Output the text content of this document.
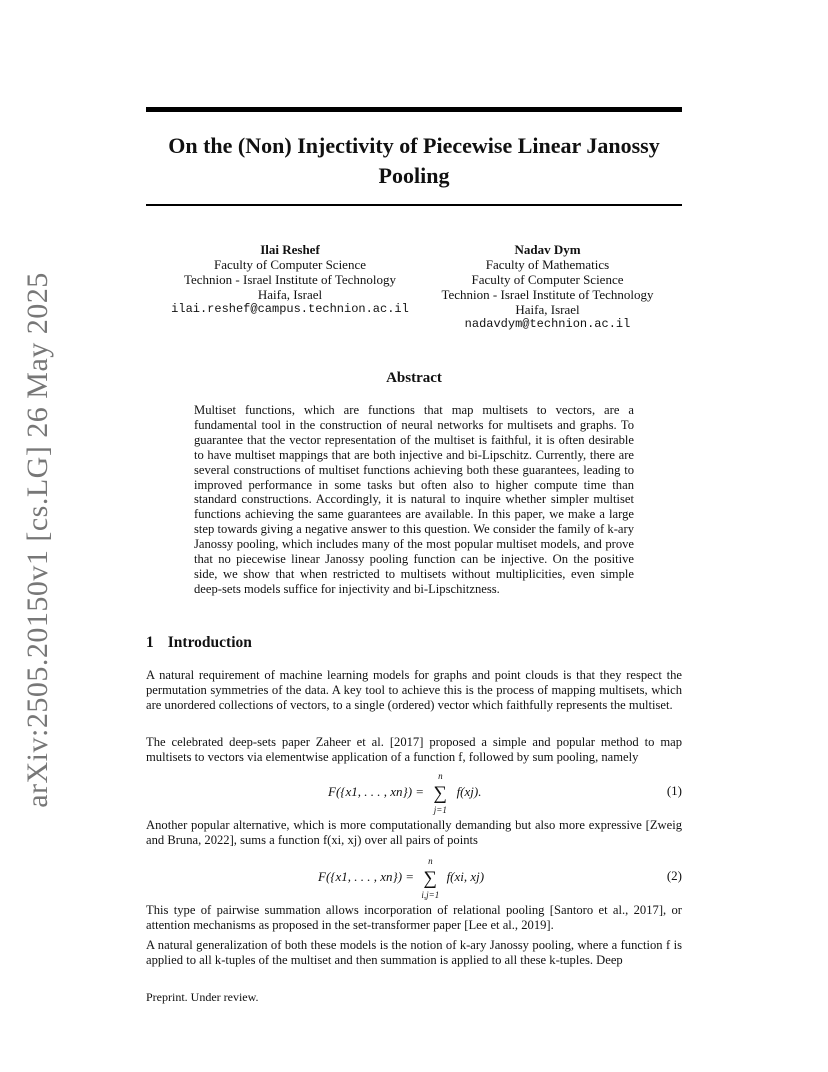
arXiv:2505.20150v1 [cs.LG] 26 May 2025
On the (Non) Injectivity of Piecewise Linear Janossy
Pooling
Ilai Reshef
Faculty of Computer Science
Technion - Israel Institute of Technology
Haifa, Israel
ilai.reshef@campus.technion.ac.il
Nadav Dym
Faculty of Mathematics
Faculty of Computer Science
Technion - Israel Institute of Technology
Haifa, Israel
nadavdym@technion.ac.il
Abstract
Multiset functions, which are functions that map multisets to vectors, are a fundamental tool in the construction of neural networks for multisets and graphs. To guarantee that the vector representation of the multiset is faithful, it is often desirable to have multiset mappings that are both injective and bi-Lipschitz. Currently, there are several constructions of multiset functions achieving both these guarantees, leading to improved performance in some tasks but often also to higher compute time than standard constructions. Accordingly, it is natural to inquire whether simpler multiset functions achieving the same guarantees are available. In this paper, we make a large step towards giving a negative answer to this question. We consider the family of k-ary Janossy pooling, which includes many of the most popular multiset models, and prove that no piecewise linear Janossy pooling function can be injective. On the positive side, we show that when restricted to multisets without multiplicities, even simple deep-sets models suffice for injectivity and bi-Lipschitzness.
1 Introduction
A natural requirement of machine learning models for graphs and point clouds is that they respect the permutation symmetries of the data. A key tool to achieve this is the process of mapping multisets, which are unordered collections of vectors, to a single (ordered) vector which faithfully represents the multiset.
The celebrated deep-sets paper Zaheer et al. [2017] proposed a simple and popular method to map multisets to vectors via elementwise application of a function f, followed by sum pooling, namely
F({x1, . . . , xn}) = ∑
n
j=1
f(xj).	(1)
Another popular alternative, which is more computationally demanding but also more expressive [Zweig and Bruna, 2022], sums a function f(xi, xj) over all pairs of points
F({x1, . . . , xn}) = ∑
n
i,j=1
f(xi, xj)	(2)
This type of pairwise summation allows incorporation of relational pooling [Santoro et al., 2017], or attention mechanisms as proposed in the set-transformer paper [Lee et al., 2019].
A natural generalization of both these models is the notion of k-ary Janossy pooling, where a function f is applied to all k-tuples of the multiset and then summation is applied to all these k-tuples. Deep
Preprint. Under review.
